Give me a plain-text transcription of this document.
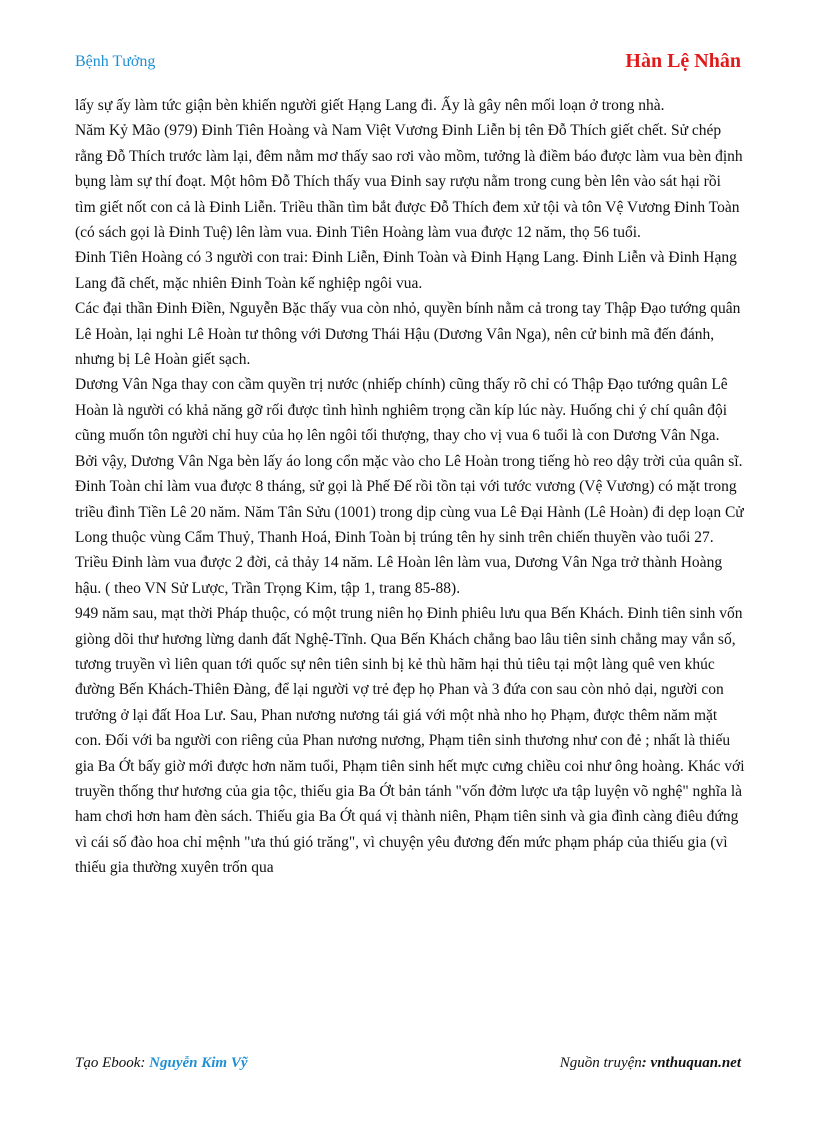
Bệnh Tưởng	Hàn Lệ Nhân

lấy sự ấy làm tức giận bèn khiến người giết Hạng Lang đi. Ấy là gây nên mối loạn ở trong nhà.

Năm Kỷ Mão (979) Đinh Tiên Hoàng và Nam Việt Vương Đinh Liễn bị tên Đỗ Thích giết chết. Sử chép rằng Đỗ Thích trước làm lại, đêm nằm mơ thấy sao rơi vào mồm, tưởng là điềm báo được làm vua bèn định bụng làm sự thí đoạt. Một hôm Đỗ Thích thấy vua Đinh say rượu nằm trong cung bèn lên vào sát hại rồi tìm giết nốt con cả là Đinh Liễn. Triều thần tìm bắt được Đỗ Thích đem xử tội và tôn Vệ Vương Đinh Toàn (có sách gọi là Đinh Tuệ) lên làm vua. Đinh Tiên Hoàng làm vua được 12 năm, thọ 56 tuổi.

Đinh Tiên Hoàng có 3 người con trai: Đinh Liễn, Đinh Toàn và Đinh Hạng Lang. Đinh Liễn và Đinh Hạng Lang đã chết, mặc nhiên Đinh Toàn kế nghiệp ngôi vua.

Các đại thần Đinh Điền, Nguyễn Bặc thấy vua còn nhỏ, quyền bính nằm cả trong tay Thập Đạo tướng quân Lê Hoàn, lại nghi Lê Hoàn tư thông với Dương Thái Hậu (Dương Vân Nga), nên cử binh mã đến đánh, nhưng bị Lê Hoàn giết sạch.

Dương Vân Nga thay con cầm quyền trị nước (nhiếp chính) cũng thấy rõ chỉ có Thập Đạo tướng quân Lê Hoàn là người có khả năng gỡ rối được tình hình nghiêm trọng cần kíp lúc này. Huống chi ý chí quân đội cũng muốn tôn người chỉ huy của họ lên ngôi tối thượng, thay cho vị vua 6 tuổi là con Dương Vân Nga. Bởi vậy, Dương Vân Nga bèn lấy áo long cổn mặc vào cho Lê Hoàn trong tiếng hò reo dậy trời của quân sĩ.

Đinh Toàn chỉ làm vua được 8 tháng, sử gọi là Phế Đế rồi tồn tại với tước vương (Vệ Vương) có mặt trong triều đình Tiền Lê 20 năm. Năm Tân Sửu (1001) trong dịp cùng vua Lê Đại Hành (Lê Hoàn) đi dẹp loạn Cử Long thuộc vùng Cẩm Thuỷ, Thanh Hoá, Đinh Toàn bị trúng tên hy sinh trên chiến thuyền vào tuổi 27.

Triều Đinh làm vua được 2 đời, cả thảy 14 năm. Lê Hoàn lên làm vua, Dương Vân Nga trở thành Hoàng hậu. ( theo VN Sử Lược, Trần Trọng Kim, tập 1, trang 85-88).

949 năm sau, mạt thời Pháp thuộc, có một trung niên họ Đinh phiêu lưu qua Bến Khách. Đinh tiên sinh vốn giòng dõi thư hương lừng danh đất Nghệ-Tĩnh. Qua Bến Khách chẳng bao lâu tiên sinh chẳng may vắn số, tương truyền vì liên quan tới quốc sự nên tiên sinh bị kẻ thù hãm hại thủ tiêu tại một làng quê ven khúc đường Bến Khách-Thiên Đàng, để lại người vợ trẻ đẹp họ Phan và 3 đứa con sau còn nhỏ dại, người con trưởng ở lại đất Hoa Lư. Sau, Phan nương nương tái giá với một nhà nho họ Phạm, được thêm năm mặt con. Đối với ba người con riêng của Phan nương nương, Phạm tiên sinh thương như con đẻ ; nhất là thiếu gia Ba Ớt bấy giờ mới được hơn năm tuổi, Phạm tiên sinh hết mực cưng chiều coi như ông hoàng. Khác với truyền thống thư hương của gia tộc, thiếu gia Ba Ớt bản tánh "vốn đởm lược ưa tập luyện võ nghệ" nghĩa là ham chơi hơn ham đèn sách. Thiếu gia Ba Ớt quá vị thành niên, Phạm tiên sinh và gia đình càng điêu đứng vì cái số đào hoa chỉ mệnh "ưa thú gió trăng", vì chuyện yêu đương đến mức phạm pháp của thiếu gia (vì thiếu gia thường xuyên trốn qua

Tạo Ebook: Nguyễn Kim Vỹ	Nguồn truyện: vnthuquan.net
